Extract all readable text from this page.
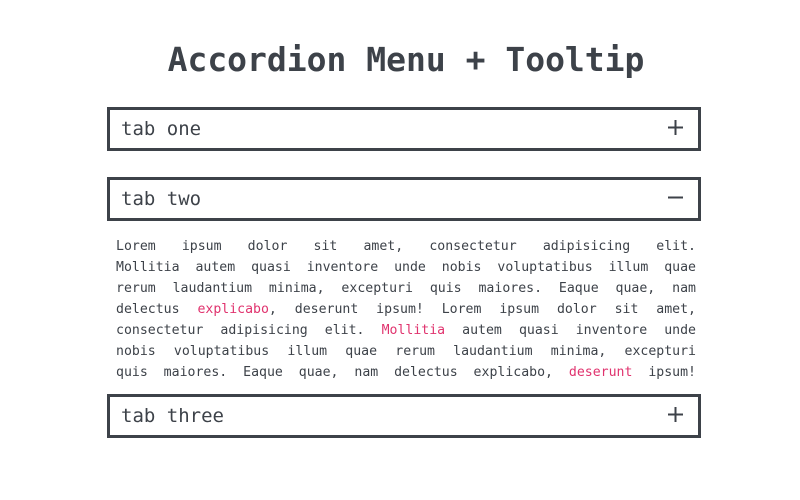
Accordion Menu + Tooltip
tab one
tab two
Lorem ipsum dolor sit amet, consectetur adipisicing elit.
Mollitia autem quasi inventore unde nobis voluptatibus illum quae
rerum laudantium minima, excepturi quis maiores. Eaque quae, nam
delectus explicabo, deserunt ipsum! Lorem ipsum dolor sit amet,
consectetur adipisicing elit. Mollitia autem quasi inventore unde
nobis voluptatibus illum quae rerum laudantium minima, excepturi
quis maiores. Eaque quae, nam delectus explicabo, deserunt ipsum!
tab three
